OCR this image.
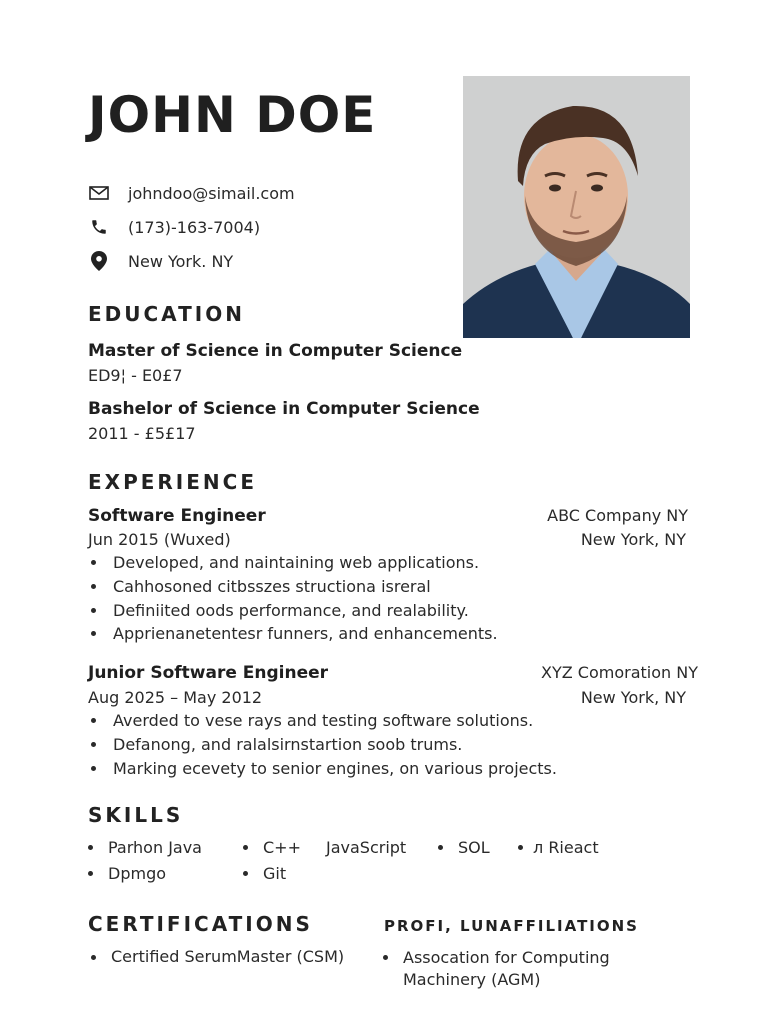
JOHN DOE
johndoo@simail.com
(173)-163-7004)
New York. NY
EDUCATION
Master of Science in Computer Science
ED9¦ - E0£7
Bashelor of Science in Computer Science
2011 - £5£17
EXPERIENCE
Software Engineer	ABC Company NY
Jun 2015 (Wuxed)	New York, NY
Developed, and naintaining web applications.
Cahhosoned citbsszes structiona isreral
Definiited oods performance, and realability.
Apprienanetentesr funners, and enhancements.
Junior Software Engineer	XYZ Comoration NY
Aug 2025 – May 2012	New York, NY
Averded to vese rays and testing software solutions.
Defanong, and ralalsirnstartion soob trums.
Marking ecevety to senior engines, on various projects.
SKILLS
Parhon Java	C++ JavaScript	SOL	л Rieact
Dpmgo	Git
CERTIFICATIONS
Certified SerumMaster (CSM)
PROFI, LUNAFFILIATIONS
Assocation for Computing
Machinery (AGM)
